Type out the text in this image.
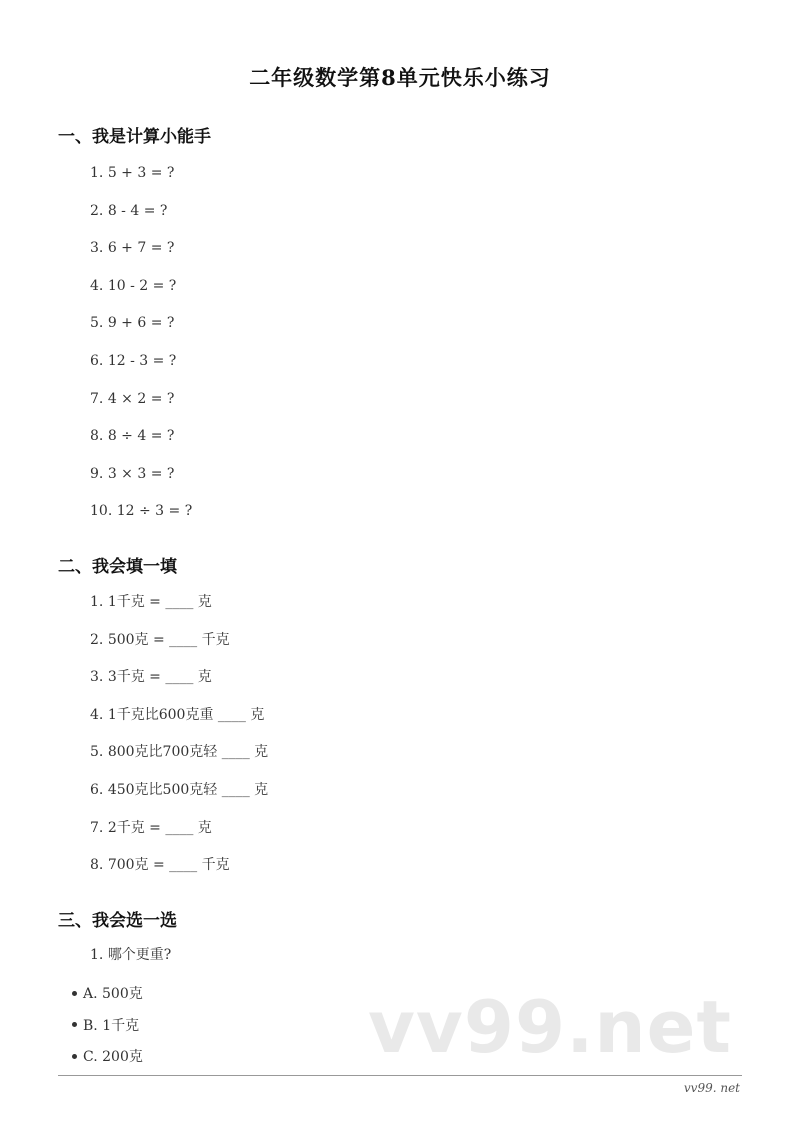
二年级数学第8单元快乐小练习
一、我是计算小能手
1. 5 + 3 = ?
2. 8 - 4 = ?
3. 6 + 7 = ?
4. 10 - 2 = ?
5. 9 + 6 = ?
6. 12 - 3 = ?
7. 4 × 2 = ?
8. 8 ÷ 4 = ?
9. 3 × 3 = ?
10. 12 ÷ 3 = ?
二、我会填一填
1. 1千克 = ____ 克
2. 500克 = ____ 千克
3. 3千克 = ____ 克
4. 1千克比600克重 ____ 克
5. 800克比700克轻 ____ 克
6. 450克比500克轻 ____ 克
7. 2千克 = ____ 克
8. 700克 = ____ 千克
三、我会选一选
1. 哪个更重?
A. 500克
B. 1千克
C. 200克	vv99.net
vv99. net
